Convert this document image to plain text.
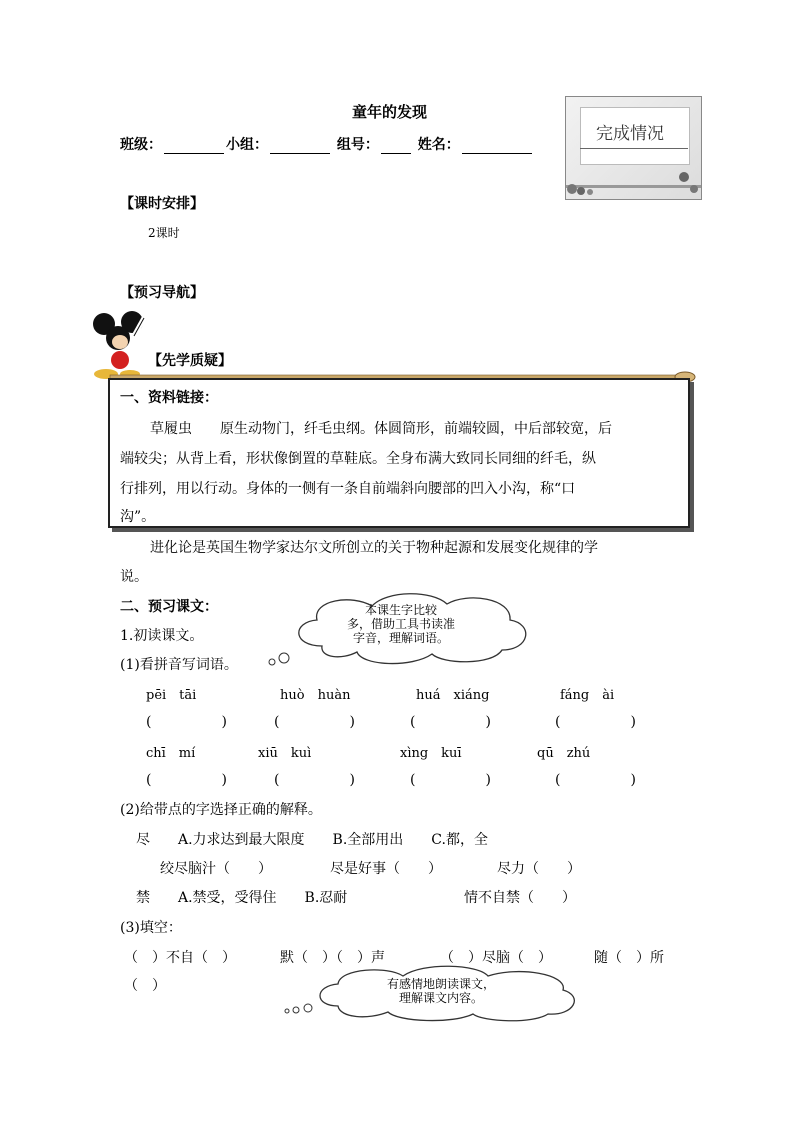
童年的发现
班级：	小组：	组号：	姓名：
完成情况
【课时安排】
2课时
【预习导航】
【先学质疑】
一、资料链接：
草履虫　　原生动物门，纤毛虫纲。体圆筒形，前端较圆，中后部较宽，后
端较尖；从背上看，形状像倒置的草鞋底。全身布满大致同长同细的纤毛，纵
行排列，用以行动。身体的一侧有一条自前端斜向腰部的凹入小沟，称“口
沟”。
进化论是英国生物学家达尔文所创立的关于物种起源和发展变化规律的学
说。
二、预习课文：
1.初读课文。
(1)看拼音写词语。
本课生字比较
多，借助工具书读准
字音，理解词语。
pēi　tāi	huò　huàn	huá　xiáng	fáng　ài
(　　　　　)	(　　　　　)	(　　　　　)	(　　　　　)
chī　mí	xiū　kuì	xìng　kuī	qū　zhú
(　　　　　)	(　　　　　)	(　　　　　)	(　　　　　)
(2)给带点的字选择正确的解释。
尽　　A.力求达到最大限度　　B.全部用出　　C.都，全
绞尽脑汁（　　）	尽是好事（　　）	尽力（　　）
禁　　A.禁受，受得住　　B.忍耐	情不自禁（　　）
(3)填空：
（　）不自（　）	默（　）（　）声	（　）尽脑（　）	随（　）所
（　）	有感情地朗读课文，
理解课文内容。
